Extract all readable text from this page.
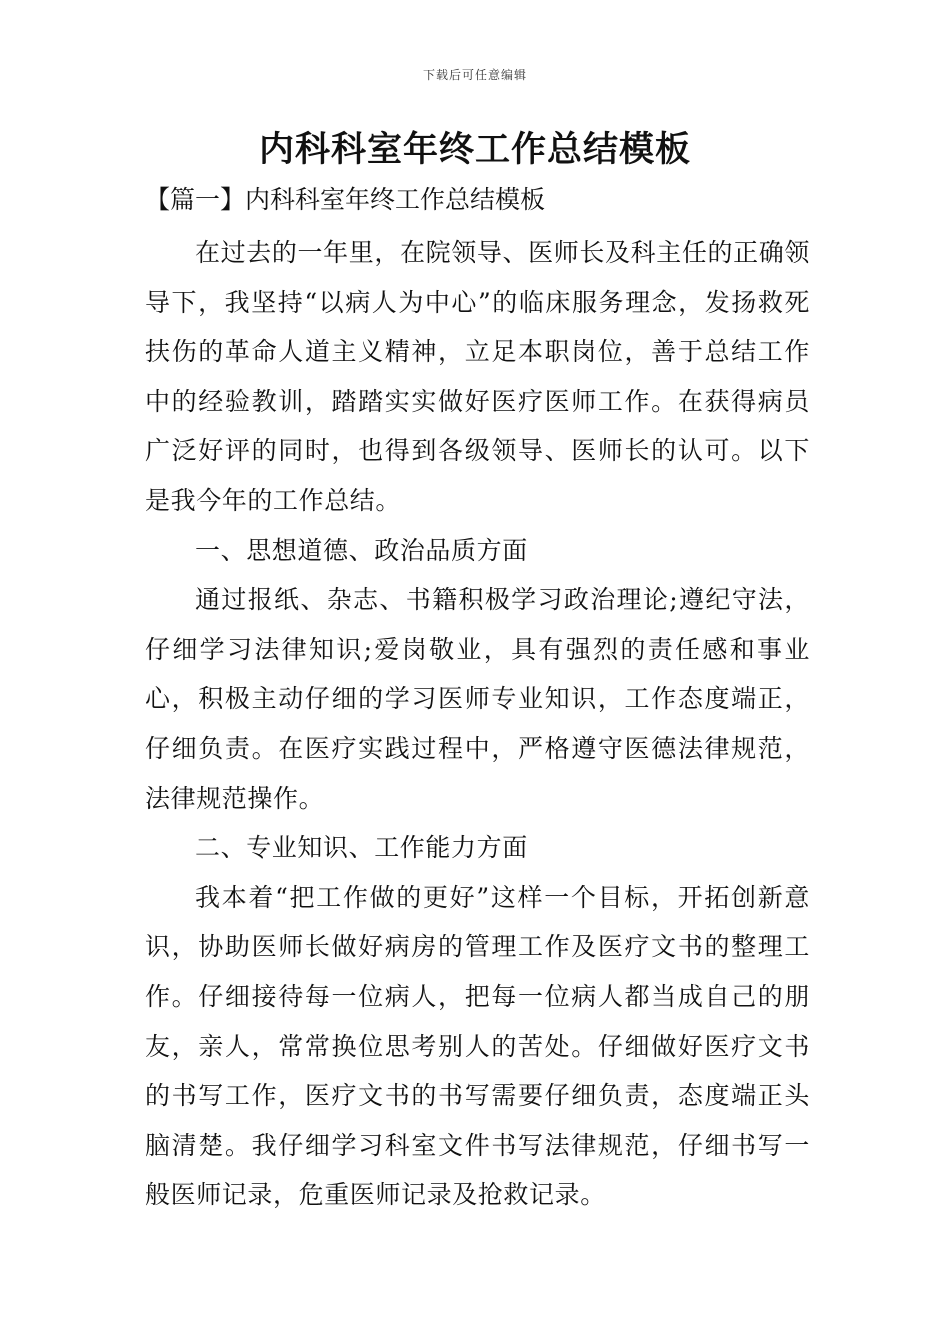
下载后可任意编辑
内科科室年终工作总结模板
【篇一】内科科室年终工作总结模板

在过去的一年里，在院领导、医师长及科主任的正确领导下，我坚持“以病人为中心”的临床服务理念，发扬救死扶伤的革命人道主义精神，立足本职岗位，善于总结工作中的经验教训，踏踏实实做好医疗医师工作。在获得病员广泛好评的同时，也得到各级领导、医师长的认可。以下是我今年的工作总结。

一、思想道德、政治品质方面

通过报纸、杂志、书籍积极学习政治理论;遵纪守法，仔细学习法律知识;爱岗敬业，具有强烈的责任感和事业心，积极主动仔细的学习医师专业知识，工作态度端正，仔细负责。在医疗实践过程中，严格遵守医德法律规范，法律规范操作。

二、专业知识、工作能力方面

我本着“把工作做的更好”这样一个目标，开拓创新意识，协助医师长做好病房的管理工作及医疗文书的整理工作。仔细接待每一位病人，把每一位病人都当成自己的朋友，亲人，常常换位思考别人的苦处。仔细做好医疗文书的书写工作，医疗文书的书写需要仔细负责，态度端正头脑清楚。我仔细学习科室文件书写法律规范，仔细书写一般医师记录，危重医师记录及抢救记录。
